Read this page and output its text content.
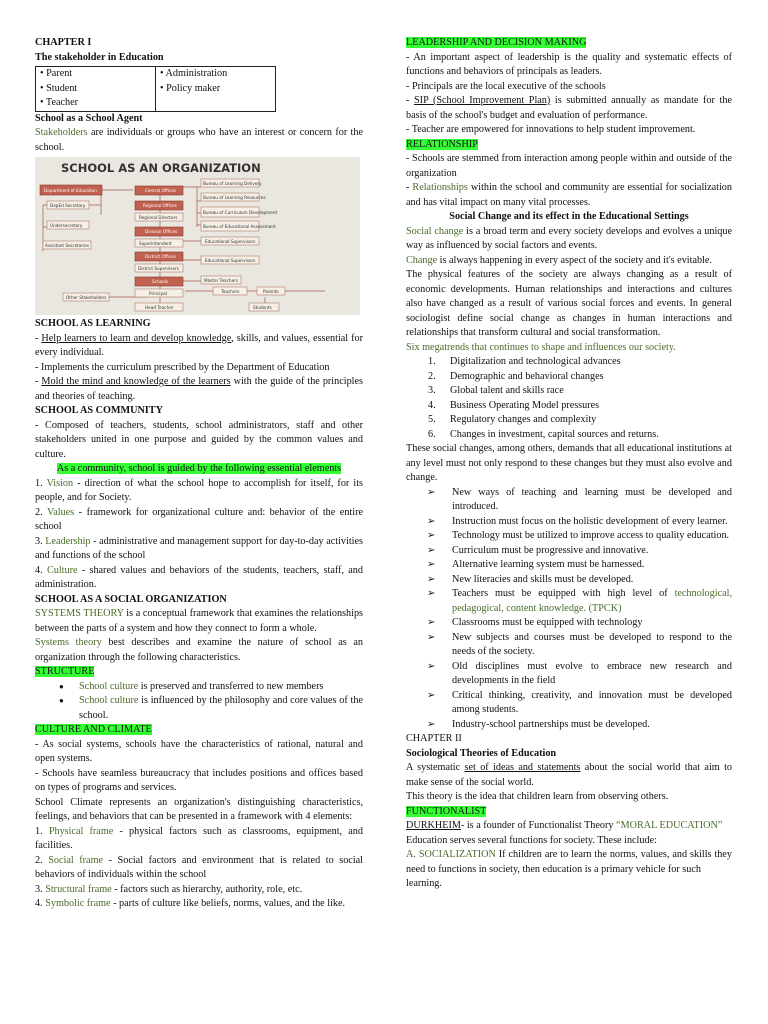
CHAPTER I

The stakeholder in Education

• Parent
• Student
• Teacher

• Administration
• Policy maker

School as a School Agent

Stakeholders are individuals or groups who have an interest or concern for the school.

SCHOOL AS AN ORGANIZATION
Department of Education
DepEd Secretary
Undersecretary
Assistant Secretaries
Central Offices
Regional Offices
Regional Directors
Division Offices
Superintendent
District Offices
District Supervisors
Schools
Principal
Head Teacher
Bureau of Learning Delivery
Bureau of Learning Resources
Bureau of Curriculum Development
Bureau of Educational Assessment
Educational Supervisors
Educational Supervisors
Master Teachers
Teachers	Parents
Students
Other Stakeholders

SCHOOL AS LEARNING

- Help learners to learn and develop knowledge, skills, and values, essential for every individual.

- Implements the curriculum prescribed by the Department of Education

- Mold the mind and knowledge of the learners with the guide of the principles and theories of teaching.

SCHOOL AS COMMUNITY

- Composed of teachers, students, school administrators, staff and other stakeholders united in one purpose and guided by the common values and culture.

As a community, school is guided by the following essential elements

1. Vision - direction of what the school hope to accomplish for itself, for its people, and for Society.

2. Values - framework for organizational culture and: behavior of the entire school

3. Leadership - administrative and management support for day-to-day activities and functions of the school

4. Culture - shared values and behaviors of the students, teachers, staff, and administration.

SCHOOL AS A SOCIAL ORGANIZATION

SYSTEMS THEORY is a conceptual framework that examines the relationships between the parts of a system and how they connect to form a whole.

Systems theory best describes and examine the nature of school as an organization through the following characteristics.

STRUCTURE

● School culture is preserved and transferred to new members
● School culture is influenced by the philosophy and core values of the school.

CULTURE AND CLIMATE

- As social systems, schools have the characteristics of rational, natural and open systems.

- Schools have seamless bureaucracy that includes positions and offices based on types of programs and services.

School Climate represents an organization's distinguishing characteristics, feelings, and behaviors that can be presented in a framework with 4 elements:

1. Physical frame - physical factors such as classrooms, equipment, and facilities.

2. Social frame - Social factors and environment that is related to social behaviors of individuals within the school

3. Structural frame - factors such as hierarchy, authority, role, etc.

4. Symbolic frame - parts of culture like beliefs, norms, values, and the like.

LEADERSHIP AND DECISION MAKING

- An important aspect of leadership is the quality and systematic effects of functions and behaviors of principals as leaders.

- Principals are the local executive of the schools

- SIP (School Improvement Plan) is submitted annually as mandate for the basis of the school's budget and evaluation of performance.

- Teacher are empowered for innovations to help student improvement.

RELATIONSHIP

- Schools are stemmed from interaction among people within and outside of the organization

- Relationships within the school and community are essential for socialization and has vital impact on many vital processes.

Social Change and its effect in the Educational Settings

Social change is a broad term and every society develops and evolves a unique way as influenced by social factors and events.

Change is always happening in every aspect of the society and it's evitable.

The physical features of the society are always changing as a result of economic developments. Human relationships and interactions and cultures also have changed as a result of various social forces and events. In general sociologist define social change as changes in human interactions and relationships that transform cultural and social transformation.

Six megatrends that continues to shape and influences our society.

1. Digitalization and technological advances
2. Demographic and behavioral changes
3. Global talent and skills race
4. Business Operating Model pressures
5. Regulatory changes and complexity
6. Changes in investment, capital sources and returns.

These social changes, among others, demands that all educational institutions at any level must not only respond to these changes but they must also evolve and change.

➢ New ways of teaching and learning must be developed and introduced.
➢ Instruction must focus on the holistic development of every learner.
➢ Technology must be utilized to improve access to quality education.
➢ Curriculum must be progressive and innovative.
➢ Alternative learning system must be harnessed.
➢ New literacies and skills must be developed.
➢ Teachers must be equipped with high level of technological, pedagogical, content knowledge. (TPCK)
➢ Classrooms must be equipped with technology
➢ New subjects and courses must be developed to respond to the needs of the society.
➢ Old disciplines must evolve to embrace new research and developments in the field
➢ Critical thinking, creativity, and innovation must be developed among students.
➢ Industry-school partnerships must be developed.

CHAPTER II

Sociological Theories of Education

A systematic set of ideas and statements about the social world that aim to make sense of the social world.

This theory is the idea that children learn from observing others.

FUNCTIONALIST

DURKHEIM- is a founder of Functionalist Theory “MORAL EDUCATION”

Education serves several functions for society. These include:

A. SOCIALIZATION If children are to learn the norms, values, and skills they need to functions in society, then education is a primary vehicle for such

learning.
